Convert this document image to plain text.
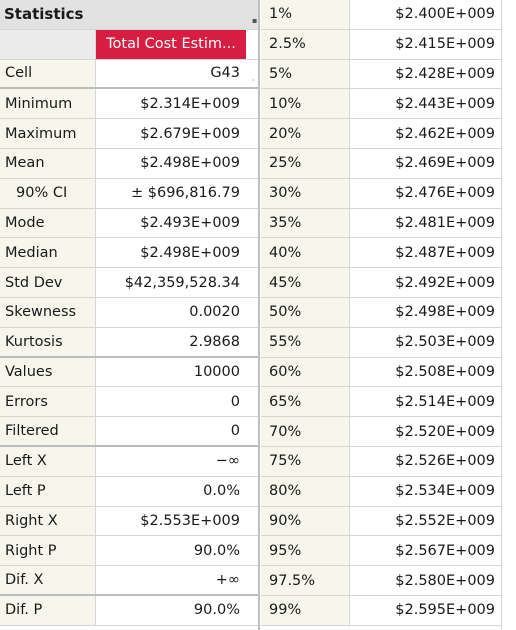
Statistics
Total Cost Estim...
Cell	G43
Minimum	$2.314E+009
Maximum	$2.679E+009
Mean	$2.498E+009
90% CI	± $696,816.79
Mode	$2.493E+009
Median	$2.498E+009
Std Dev	$42,359,528.34
Skewness	0.0020
Kurtosis	2.9868
Values	10000
Errors	0
Filtered	0
Left X	−∞
Left P	0.0%
Right X	$2.553E+009
Right P	90.0%
Dif. X	+∞
Dif. P	90.0%
▪
·
1%	$2.400E+009
2.5%	$2.415E+009
5%	$2.428E+009
10%	$2.443E+009
20%	$2.462E+009
25%	$2.469E+009
30%	$2.476E+009
35%	$2.481E+009
40%	$2.487E+009
45%	$2.492E+009
50%	$2.498E+009
55%	$2.503E+009
60%	$2.508E+009
65%	$2.514E+009
70%	$2.520E+009
75%	$2.526E+009
80%	$2.534E+009
90%	$2.552E+009
95%	$2.567E+009
97.5%	$2.580E+009
99%	$2.595E+009
